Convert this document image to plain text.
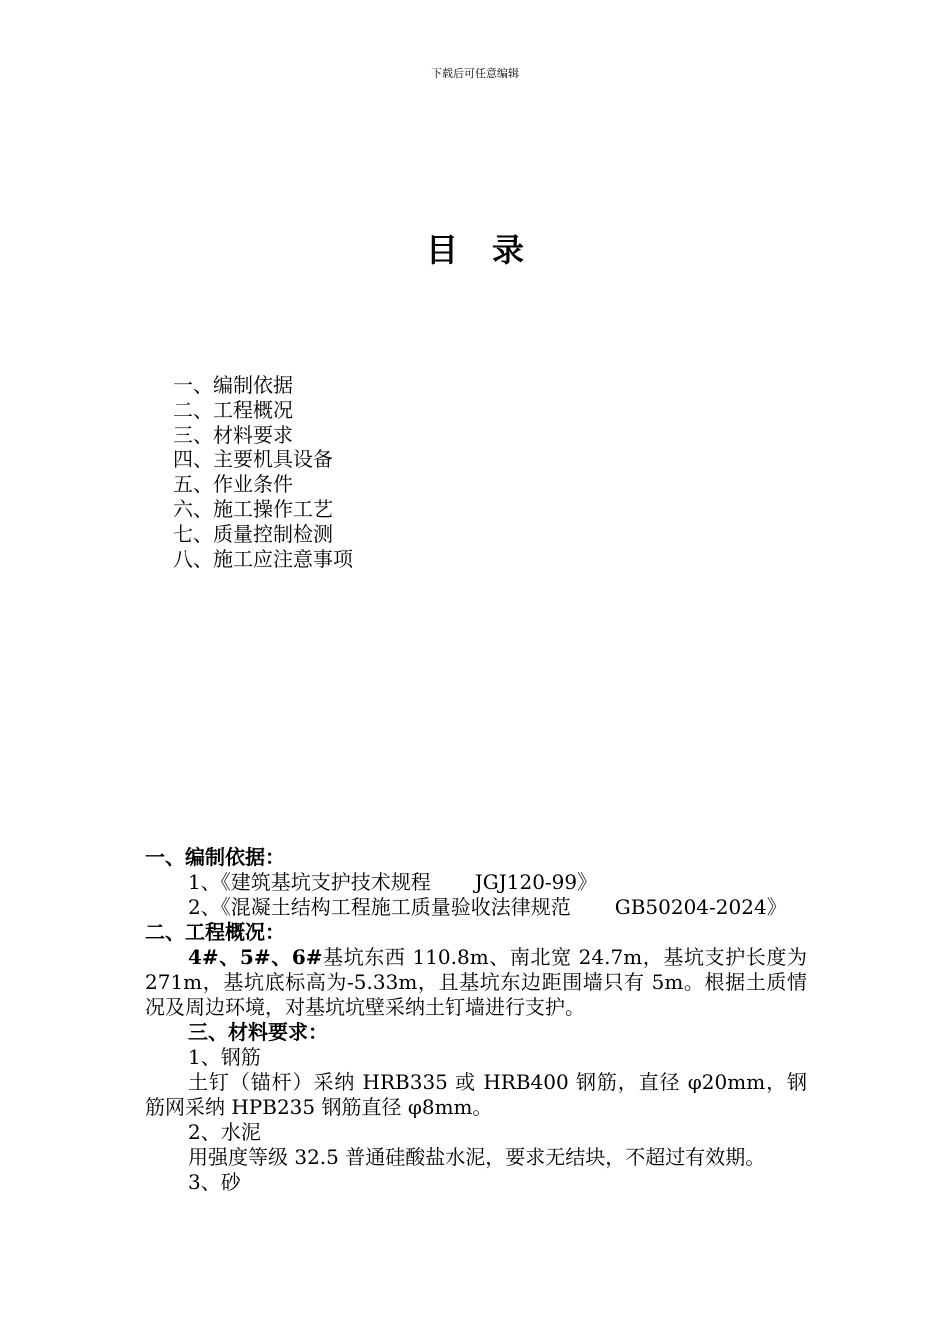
下载后可任意编辑
目录
一、编制依据
二、工程概况
三、材料要求
四、主要机具设备
五、作业条件
六、施工操作工艺
七、质量控制检测
八、施工应注意事项

一、编制依据：

1、《建筑基坑支护技术规程 JGJ120-99》

2、《混凝土结构工程施工质量验收法律规范 GB50204-2024》

二、工程概况：

4#、5#、6#基坑东西 110.8m、南北宽 24.7m，基坑支护长度为 271m，基坑底标高为-5.33m，且基坑东边距围墙只有 5m。根据土质情况及周边环境，对基坑坑壁采纳土钉墙进行支护。

三、材料要求：

1、钢筋

土钉（锚杆）采纳 HRB335 或 HRB400 钢筋，直径 φ20mm，钢筋网采纳 HPB235 钢筋直径 φ8mm。

2、水泥

用强度等级 32.5 普通硅酸盐水泥，要求无结块，不超过有效期。

3、砂
